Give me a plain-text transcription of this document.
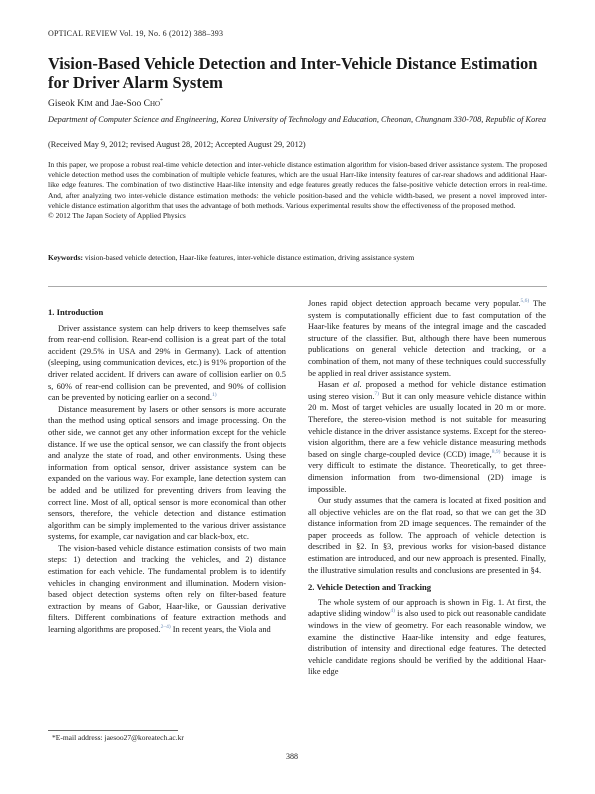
OPTICAL REVIEW Vol. 19, No. 6 (2012) 388–393
Vision-Based Vehicle Detection and Inter-Vehicle Distance Estimation for Driver Alarm System
Giseok Kim and Jae-Soo Cho*
Department of Computer Science and Engineering, Korea University of Technology and Education, Cheonan, Chungnam 330-708, Republic of Korea
(Received May 9, 2012; revised August 28, 2012; Accepted August 29, 2012)
In this paper, we propose a robust real-time vehicle detection and inter-vehicle distance estimation algorithm for vision-based driver assistance system. The proposed vehicle detection method uses the combination of multiple vehicle features, which are the usual Harr-like intensity features of car-rear shadows and additional Haar-like edge features. The combination of two distinctive Haar-like intensity and edge features greatly reduces the false-positive vehicle detection errors in real-time. And, after analyzing two inter-vehicle distance estimation methods: the vehicle position-based and the vehicle width-based, we present a novel improved inter-vehicle distance estimation algorithm that uses the advantage of both methods. Various experimental results show the effectiveness of the proposed method.
© 2012 The Japan Society of Applied Physics
Keywords: vision-based vehicle detection, Haar-like features, inter-vehicle distance estimation, driving assistance system
1. Introduction

Driver assistance system can help drivers to keep themselves safe from rear-end collision. Rear-end collision is a great part of the total accident (29.5% in USA and 29% in Germany). Lack of attention (sleeping, using communication devices, etc.) is 91% proportion of the driver related accident. If drivers can aware of collision earlier on 0.5 s, 60% of rear-end collision can be prevented, and 90% of collision can be prevented by noticing earlier on a second.$^{1)}$

Distance measurement by lasers or other sensors is more accurate than the method using optical sensors and image processing. On the other side, we cannot get any other information except for the vehicle distance. If we use the optical sensor, we can classify the front objects and analyze the state of road, and other environments. Using these information from optical sensor, driver assistance system can be expanded on the various way. For example, lane detection system can be added and be utilized for preventing drivers from leaving the correct line. Most of all, optical sensor is more economical than other sensors, therefore, the vehicle detection and distance estimation algorithm can be simply implemented to the various driver assistance systems, for example, car navigation and car black-box, etc.

The vision-based vehicle distance estimation consists of two main steps: 1) detection and tracking the vehicles, and 2) distance estimation for each vehicle. The fundamental problem is to identify vehicles in changing environment and illumination. Modern vision-based object detection systems often rely on filter-based feature extraction by means of Gabor, Haar-like, or Gaussian derivative filters. Different combinations of feature extraction methods and learning algorithms are proposed.$^{2-4)}$ In recent years, the Viola and

Jones rapid object detection approach became very popular.$^{5,6)}$ The system is computationally efficient due to fast computation of the Haar-like features by means of the integral image and the cascaded structure of the classifier. But, although there have been numerous publications on general vehicle detection and tracking, or a combination of them, not many of these techniques could successfully be applied in real driver assistance system.

Hasan et al. proposed a method for vehicle distance estimation using stereo vision.$^{7)}$ But it can only measure vehicle distance within 20 m. Most of target vehicles are usually located in 20 m or more. Therefore, the stereo-vision method is not suitable for measuring vehicle distance in the driver assistance systems. Except for the stereo-vision algorithm, there are a few vehicle distance measuring methods based on single charge-coupled device (CCD) image,$^{8,9)}$ because it is very difficult to estimate the distance. Theoretically, to get three-dimension information from two-dimensional (2D) image is impossible.

Our study assumes that the camera is located at fixed position and all objective vehicles are on the flat road, so that we can get the 3D distance information from 2D image sequences. The remainder of the paper proceeds as follow. The approach of vehicle detection is described in §2. In §3, previous works for vision-based distance estimation are introduced, and our new approach is presented. Finally, the illustrative simulation results and conclusions are presented in §4.

2. Vehicle Detection and Tracking

The whole system of our approach is shown in Fig. 1. At first, the adaptive sliding window$^{4)}$ is also used to pick out reasonable candidate windows in the view of geometry. For each reasonable window, we examine the distinctive Haar-like intensity and edge features, distribution of intensity and directional edge features. The detected vehicle candidate regions should be verified by the additional Haar-like edge

*E-mail address: jaesoo27@koreatech.ac.kr
388
